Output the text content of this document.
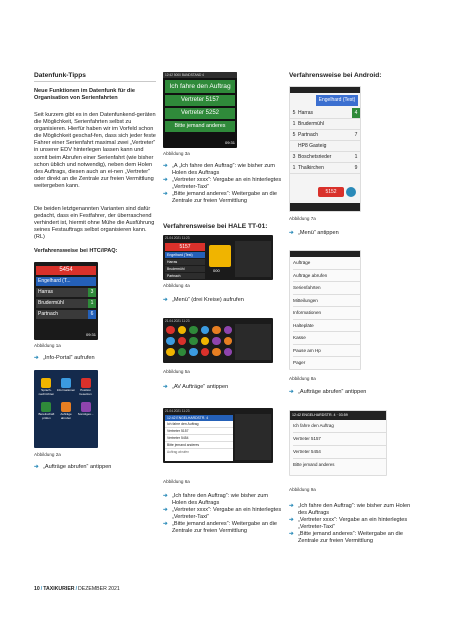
Datenfunk-Tipps
Neue Funktionen im Datenfunk für die Organisation von Serienfahrten
Seit kurzem gibt es in den Datenfunkend-geräten die Möglichkeit, Serienfahrten selbst zu organisieren. Hierfür haben wir im Vorfeld schon die Möglichkeit geschaf-fen, dass sich jeder feste Fahrer einer Serienfahrt maximal zwei „Vertreter“ in unserer EDV hinterlegen lassen kann und somit beim Abrufen einer Serienfahrt (wie bisher schon üblich und notwendig), neben dem Holen des Auftrags, diesen auch an ei-nen „Vertreter“ oder direkt an die Zentrale zur freien Vermittlung weitergeben kann.
Die beiden letztgenannten Varianten sind dafür gedacht, dass ein Festfahrer, der überraschend verhindert ist, hiermit ohne Mühe die Ausführung seines Festauftrags selbst organisieren kann. (RL)
Verfahrensweise bei HTC/IPAQ:
5454
Engelhard (T...
Harras	3
Brudermühl	1
Partnach	6
09:31
Abbildung 1a
➔ „Info-Portal“ aufrufen
Sprach-
nachrichten
Informationen	Position
besetzen
Bereitschaft
prüfen
Aufträge
abrufen
Sonstiges...
Abbildung 2a
➔ „Aufträge abrufen“ antippen
12:42 5000 BANDSTAND 4
Ich fahre den Auftrag
Vertreter 5157
Vertreter 5252
Bitte jemand anderes
09:31
Abbildung 3a
➔ „A „Ich fahre den Auftrag“: wie bisher zum Holen des Auftrags
➔ „Vertreter xxxx“: Vergabe an ein hinterlegtes „Vertreter-Taxi“
➔ „Bitte jemand anderes“: Weitergabe an die Zentrale zur freien Vermittlung
Verfahrensweise bei HALE TT-01:
21.04.2021 11:23
5157
Engelhard (Test)
Harras
Brudermühl
Partnach
000
Abbildung 4a
➔ „Menü“ (drei Kreise) aufrufen
21.04.2021 11:23
Abbildung 5a
➔ „AV Aufträge“ antippen
21.04.2021 11:23
12:42 ENGELHARDSTR. 4
Ich fahre den Auftrag
Vertreter 5157
Vertreter 5454
Bitte jemand anderes
Auftrag abrufen
Abbildung 6a
➔ „Ich fahre den Auftrag“: wie bisher zum Holen des Auftrags
➔ „Vertreter xxxx“: Vergabe an ein hinterlegtes „Vertreter-Taxi“
➔ „Bitte jemand anderes“: Weitergabe an die Zentrale zur freien Vermittlung
Verfahrensweise bei Android:
Engelhard (Test)
5 Harras	4
1 Brudermühl
5 Partnach	7
HP8 Gasteig
3 Boschetsrieder	1
1 Thalkirchen	9
5152
Abbildung 7a
➔ „Menü“ antippen
Aufträge
Aufträge abrufen
Serienfahrten
Mitteilungen
Informationen
Haltepläte
Kasse
Pause am Hp
Pager
Abbildung 8a
➔ „Aufträge abrufen“ antippen
12:42 ENGELHARDSTR. 4 · 03:59
Ich fahre den Auftrag
Vertreter 5157
Vertreter 5454
Bitte jemand anderes
Abbildung 9a
➔ „Ich fahre den Auftrag“: wie bisher zum Holen des Auftrags
➔ „Vertreter xxxx“: Vergabe an ein hinterlegtes „Vertreter-Taxi“
➔ „Bitte jemand anderes“: Weitergabe an die Zentrale zur freien Vermittlung
10/TAXIKURIER/DEZEMBER 2021
